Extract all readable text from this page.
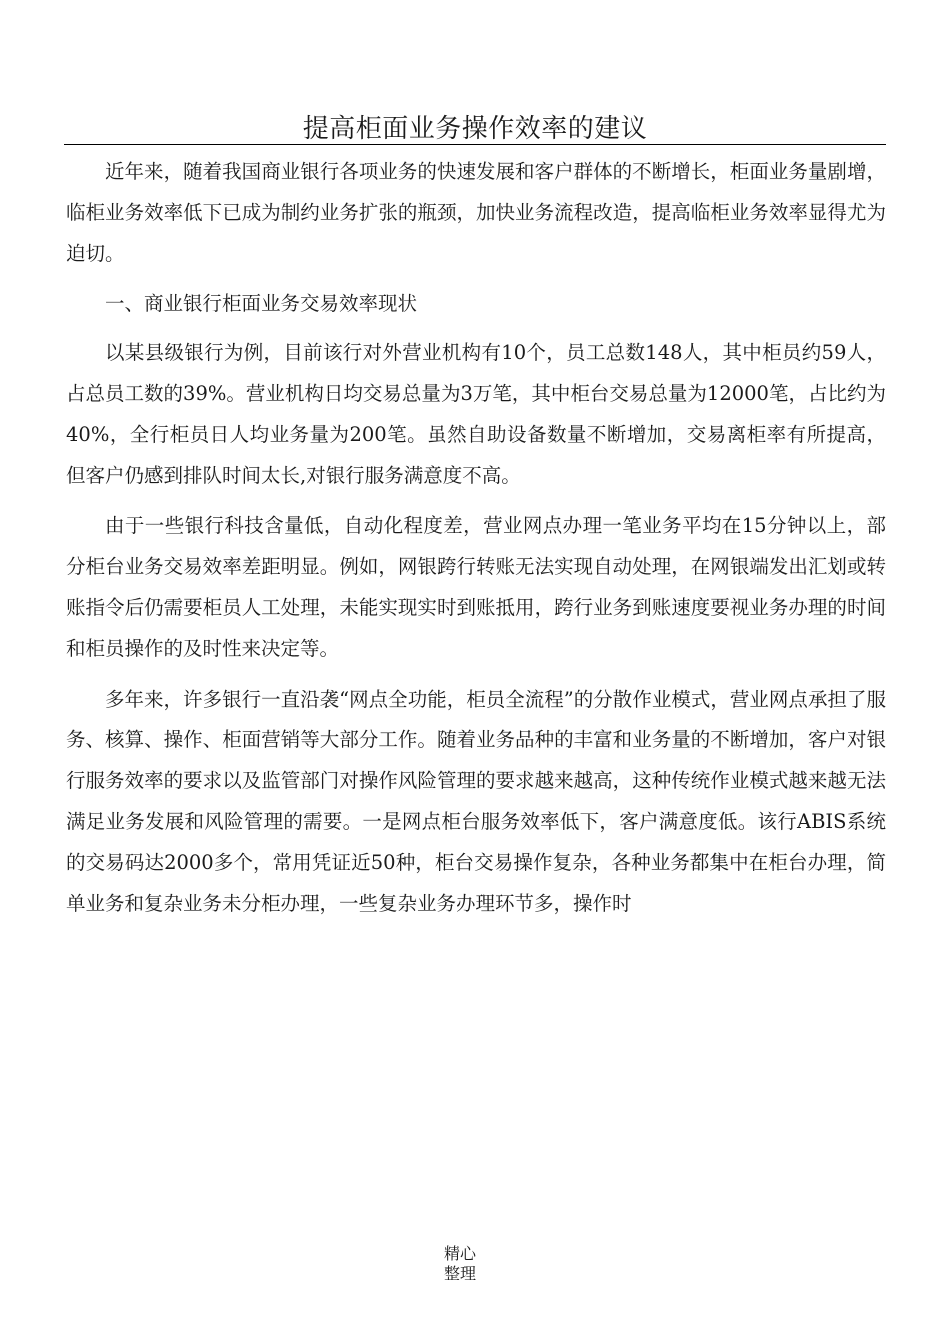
提高柜面业务操作效率的建议

近年来，随着我国商业银行各项业务的快速发展和客户群体的不断增长，柜面业务量剧增，临柜业务效率低下已成为制约业务扩张的瓶颈，加快业务流程改造，提高临柜业务效率显得尤为迫切。

一、商业银行柜面业务交易效率现状

以某县级银行为例，目前该行对外营业机构有10个，员工总数148人，其中柜员约59人，占总员工数的39%。营业机构日均交易总量为3万笔，其中柜台交易总量为12000笔，占比约为40%，全行柜员日人均业务量为200笔。虽然自助设备数量不断增加，交易离柜率有所提高，但客户仍感到排队时间太长,对银行服务满意度不高。

由于一些银行科技含量低，自动化程度差，营业网点办理一笔业务平均在15分钟以上，部分柜台业务交易效率差距明显。例如，网银跨行转账无法实现自动处理，在网银端发出汇划或转账指令后仍需要柜员人工处理，未能实现实时到账抵用，跨行业务到账速度要视业务办理的时间和柜员操作的及时性来决定等。

多年来，许多银行一直沿袭“网点全功能，柜员全流程”的分散作业模式，营业网点承担了服务、核算、操作、柜面营销等大部分工作。随着业务品种的丰富和业务量的不断增加，客户对银行服务效率的要求以及监管部门对操作风险管理的要求越来越高，这种传统作业模式越来越无法满足业务发展和风险管理的需要。一是网点柜台服务效率低下，客户满意度低。该行ABIS系统的交易码达2000多个，常用凭证近50种，柜台交易操作复杂，各种业务都集中在柜台办理，简单业务和复杂业务未分柜办理，一些复杂业务办理环节多，操作时

精心
整理
